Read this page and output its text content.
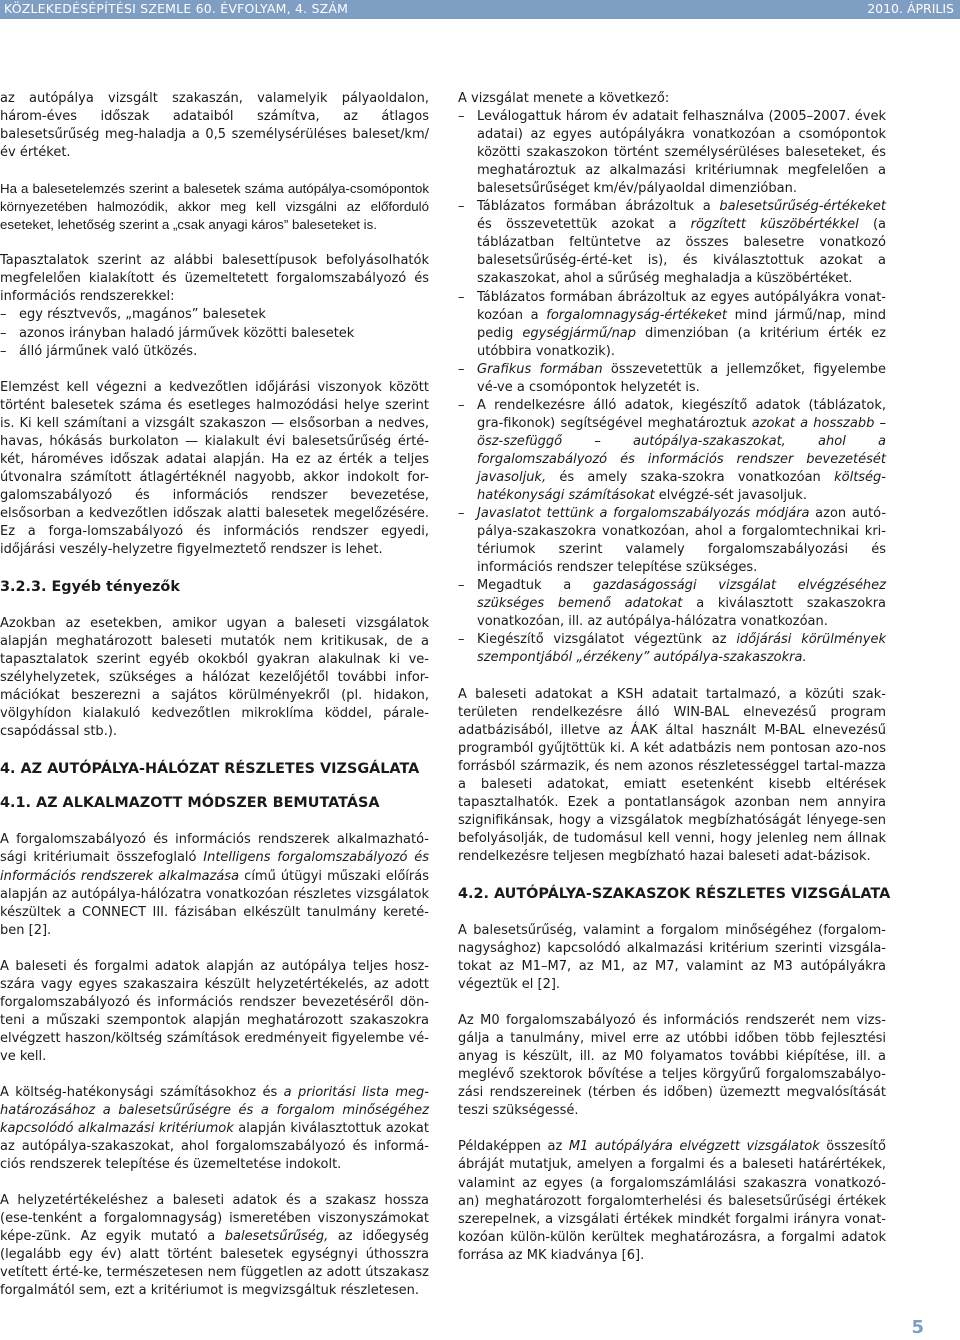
KÖZLEKEDÉSÉPÍTÉSI SZEMLE 60. ÉVFOLYAM, 4. SZÁM	2010. ÁPRILIS

az autópálya vizsgált szakaszán, valamelyik pályaoldalon, három-éves időszak adataiból számítva, az átlagos balesetsűrűség meg-haladja a 0,5 személysérüléses baleset/km/év értéket.

Ha a balesetelemzés szerint a balesetek száma autópálya-csomópontok környezetében halmozódik, akkor meg kell vizsgálni az előforduló eseteket, lehetőség szerint a „csak anyagi káros” baleseteket is.

Tapasztalatok szerint az alábbi balesettípusok befolyásolhatók megfelelően kialakított és üzemeltetett forgalomszabályozó és információs rendszerekkel:

– egy résztvevős, „magános” balesetek
– azonos irányban haladó járművek közötti balesetek
– álló járműnek való ütközés.

Elemzést kell végezni a kedvezőtlen időjárási viszonyok között történt balesetek száma és esetleges halmozódási helye szerint is. Ki kell számítani a vizsgált szakaszon — elsősorban a nedves, havas, hókásás burkolaton — kialakult évi balesetsűrűség érté-két, hároméves időszak adatai alapján. Ha ez az érték a teljes útvonalra számított átlagértéknél nagyobb, akkor indokolt for-galomszabályozó és információs rendszer bevezetése, elsősorban a kedvezőtlen időszak alatti balesetek megelőzésére. Ez a forga-lomszabályozó és információs rendszer egyedi, időjárási veszély-helyzetre figyelmeztető rendszer is lehet.

3.2.3. Egyéb tényezők

Azokban az esetekben, amikor ugyan a baleseti vizsgálatok alapján meghatározott baleseti mutatók nem kritikusak, de a tapasztalatok szerint egyéb okokból gyakran alakulnak ki ve-szélyhelyzetek, szükséges a hálózat kezelőjétől további infor-mációkat beszerezni a sajátos körülményekről (pl. hidakon, völgyhídon kialakuló kedvezőtlen mikroklíma köddel, párale-csapódással stb.).

4. AZ AUTÓPÁLYA-HÁLÓZAT RÉSZLETES VIZSGÁLATA
4.1. AZ ALKALMAZOTT MÓDSZER BEMUTATÁSA

A forgalomszabályozó és információs rendszerek alkalmazható-sági kritériumait összefoglaló Intelligens forgalomszabályozó és információs rendszerek alkalmazása című útügyi műszaki előírás alapján az autópálya-hálózatra vonatkozóan részletes vizsgálatok készültek a CONNECT III. fázisában elkészült tanulmány kereté-ben [2].

A baleseti és forgalmi adatok alapján az autópálya teljes hosz-szára vagy egyes szakaszaira készült helyzetértékelés, az adott forgalomszabályozó és információs rendszer bevezetéséről dön-teni a műszaki szempontok alapján meghatározott szakaszokra elvégzett haszon/költség számítások eredményeit figyelembe vé-ve kell.

A költség-hatékonysági számításokhoz és a prioritási lista meg-határozásához a balesetsűrűségre és a forgalom minőségéhez kapcsolódó alkalmazási kritériumok alapján kiválasztottuk azokat az autópálya-szakaszokat, ahol forgalomszabályozó és informá-ciós rendszerek telepítése és üzemeltetése indokolt.

A helyzetértékeléshez a baleseti adatok és a szakasz hossza (ese-tenként a forgalomnagyság) ismeretében viszonyszámokat képe-zünk. Az egyik mutató a balesetsűrűség, az időegység (legalább egy év) alatt történt balesetek egységnyi úthosszra vetített érté-ke, természetesen nem független az adott útszakasz forgalmától sem, ezt a kritériumot is megvizsgáltuk részletesen.

A vizsgálat menete a következő:

– Leválogattuk három év adatait felhasználva (2005–2007. évek adatai) az egyes autópályákra vonatkozóan a csomópontok közötti szakaszokon történt személysérüléses baleseteket, és meghatároztuk az alkalmazási kritériumnak megfelelően a balesetsűrűséget km/év/pályaoldal dimenzióban.
– Táblázatos formában ábrázoltuk a balesetsűrűség-értékeket és összevetettük azokat a rögzített küszöbértékkel (a táblázatban feltüntetve az összes balesetre vonatkozó balesetsűrűség-érté-ket is), és kiválasztottuk azokat a szakaszokat, ahol a sűrűség meghaladja a küszöbértéket.
– Táblázatos formában ábrázoltuk az egyes autópályákra vonat-kozóan a forgalomnagyság-értékeket mind jármű/nap, mind pedig egységjármű/nap dimenzióban (a kritérium érték ez utóbbira vonatkozik).
– Grafikus formában összevetettük a jellemzőket, figyelembe vé-ve a csomópontok helyzetét is.
– A rendelkezésre álló adatok, kiegészítő adatok (táblázatok, gra-fikonok) segítségével meghatároztuk azokat a hosszabb – ösz-szefüggő – autópálya-szakaszokat, ahol a forgalomszabályozó és információs rendszer bevezetését javasoljuk, és amely szaka-szokra vonatkozóan költség-hatékonysági számításokat elvégzé-sét javasoljuk.
– Javaslatot tettünk a forgalomszabályozás módjára azon autó-pálya-szakaszokra vonatkozóan, ahol a forgalomtechnikai kri-tériumok szerint valamely forgalomszabályozási és információs rendszer telepítése szükséges.
– Megadtuk a gazdaságossági vizsgálat elvégzéséhez szükséges bemenő adatokat a kiválasztott szakaszokra vonatkozóan, ill. az autópálya-hálózatra vonatkozóan.
– Kiegészítő vizsgálatot végeztünk az időjárási körülmények szempontjából „érzékeny” autópálya-szakaszokra.

A baleseti adatokat a KSH adatait tartalmazó, a közúti szak-területen rendelkezésre álló WIN-BAL elnevezésű program adatbázisából, illetve az ÁAK által használt M-BAL elnevezésű programból gyűjtöttük ki. A két adatbázis nem pontosan azo-nos forrásból származik, és nem azonos részletességgel tartal-mazza a baleseti adatokat, emiatt esetenként kisebb eltérések tapasztalhatók. Ezek a pontatlanságok azonban nem annyira szignifikánsak, hogy a vizsgálatok megbízhatóságát lényege-sen befolyásolják, de tudomásul kell venni, hogy jelenleg nem állnak rendelkezésre teljesen megbízható hazai baleseti adat-bázisok.

4.2. AUTÓPÁLYA-SZAKASZOK RÉSZLETES VIZSGÁLATA

A balesetsűrűség, valamint a forgalom minőségéhez (forgalom-nagysághoz) kapcsolódó alkalmazási kritérium szerinti vizsgála-tokat az M1–M7, az M1, az M7, valamint az M3 autópályákra végeztük el [2].

Az M0 forgalomszabályozó és információs rendszerét nem vizs-gálja a tanulmány, mivel erre az utóbbi időben több fejlesztési anyag is készült, ill. az M0 folyamatos további kiépítése, ill. a meglévő szektorok bővítése a teljes körgyűrű forgalomszabályo-zási rendszereinek (térben és időben) üzemeztt megvalósítását teszi szükségessé.

Példaképpen az M1 autópályára elvégzett vizsgálatok összesítő ábráját mutatjuk, amelyen a forgalmi és a baleseti határértékek, valamint az egyes (a forgalomszámlálási szakaszra vonatkozó-an) meghatározott forgalomterhelési és balesetsűrűségi értékek szerepelnek, a vizsgálati értékek mindkét forgalmi irányra vonat-kozóan külön-külön kerültek meghatározásra, a forgalmi adatok forrása az MK kiadványa [6].

5
